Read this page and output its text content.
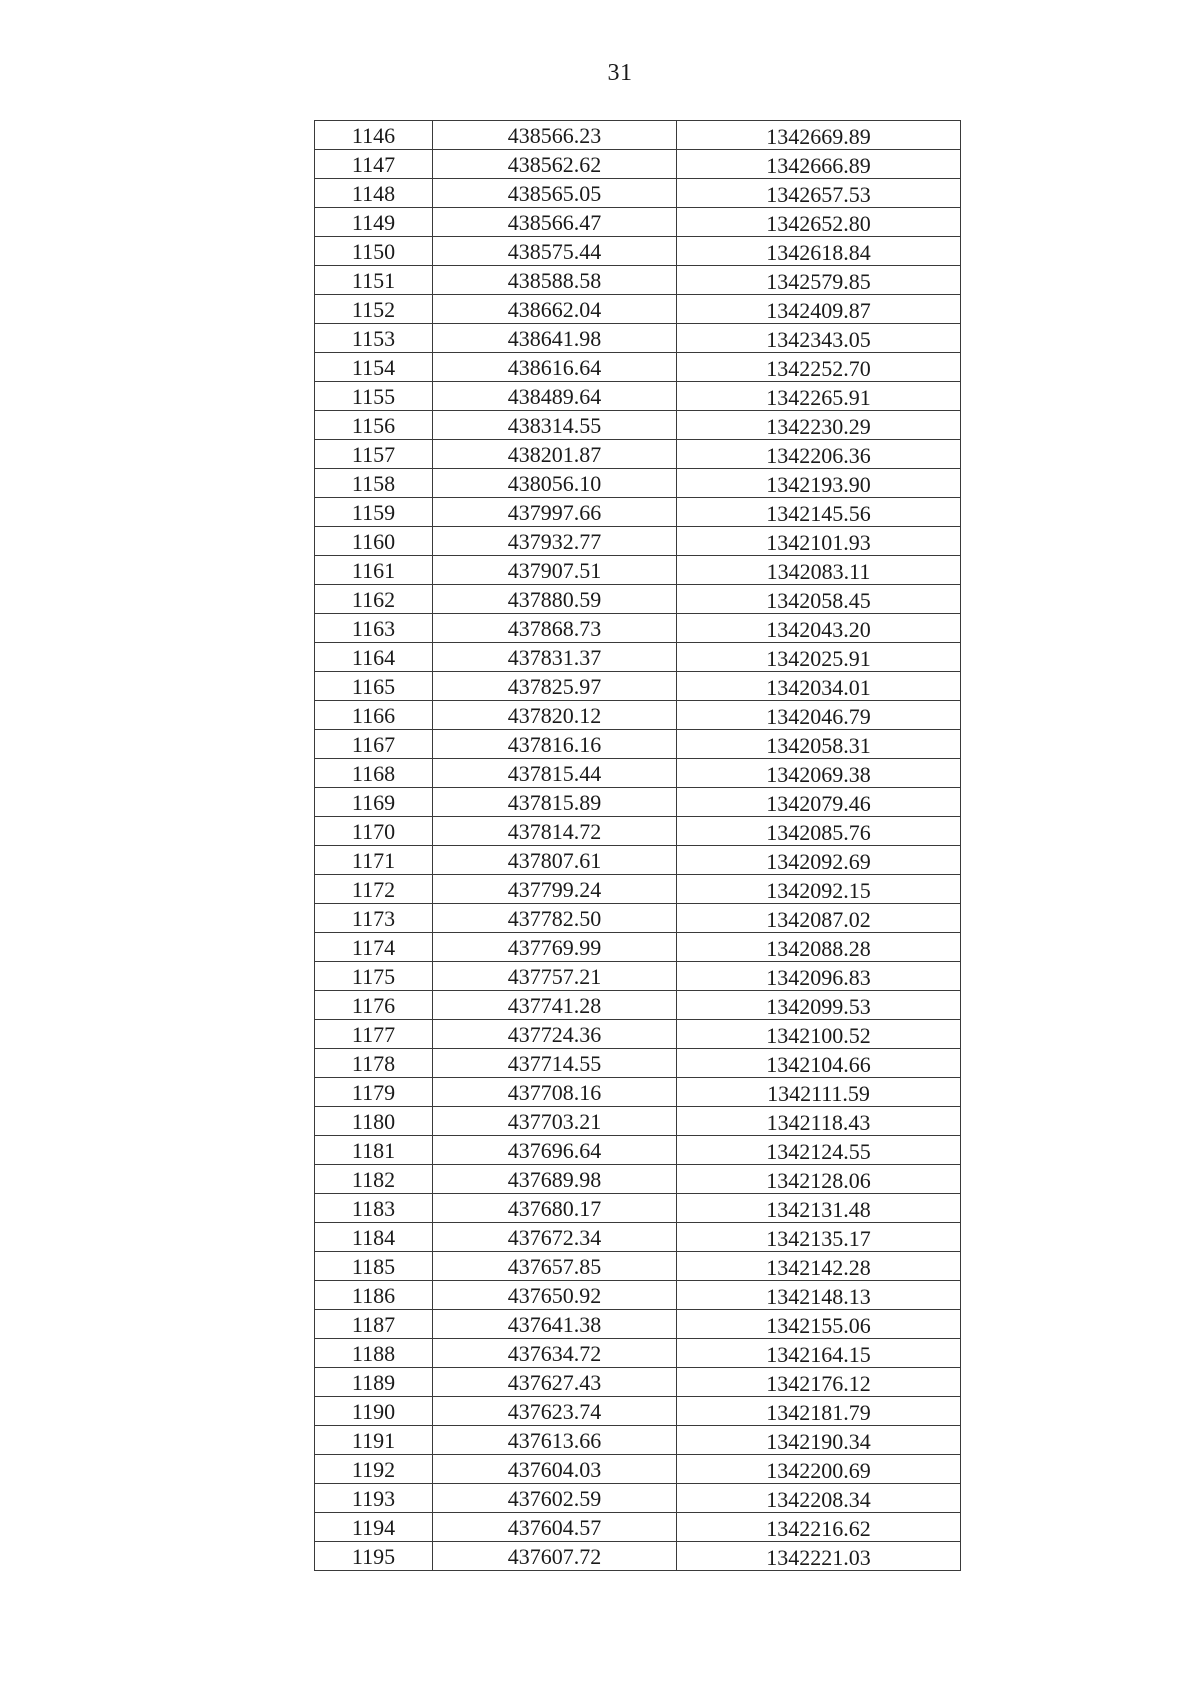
31
1146	438566.23	1342669.89
1147	438562.62	1342666.89
1148	438565.05	1342657.53
1149	438566.47	1342652.80
1150	438575.44	1342618.84
1151	438588.58	1342579.85
1152	438662.04	1342409.87
1153	438641.98	1342343.05
1154	438616.64	1342252.70
1155	438489.64	1342265.91
1156	438314.55	1342230.29
1157	438201.87	1342206.36
1158	438056.10	1342193.90
1159	437997.66	1342145.56
1160	437932.77	1342101.93
1161	437907.51	1342083.11
1162	437880.59	1342058.45
1163	437868.73	1342043.20
1164	437831.37	1342025.91
1165	437825.97	1342034.01
1166	437820.12	1342046.79
1167	437816.16	1342058.31
1168	437815.44	1342069.38
1169	437815.89	1342079.46
1170	437814.72	1342085.76
1171	437807.61	1342092.69
1172	437799.24	1342092.15
1173	437782.50	1342087.02
1174	437769.99	1342088.28
1175	437757.21	1342096.83
1176	437741.28	1342099.53
1177	437724.36	1342100.52
1178	437714.55	1342104.66
1179	437708.16	1342111.59
1180	437703.21	1342118.43
1181	437696.64	1342124.55
1182	437689.98	1342128.06
1183	437680.17	1342131.48
1184	437672.34	1342135.17
1185	437657.85	1342142.28
1186	437650.92	1342148.13
1187	437641.38	1342155.06
1188	437634.72	1342164.15
1189	437627.43	1342176.12
1190	437623.74	1342181.79
1191	437613.66	1342190.34
1192	437604.03	1342200.69
1193	437602.59	1342208.34
1194	437604.57	1342216.62
1195	437607.72	1342221.03
